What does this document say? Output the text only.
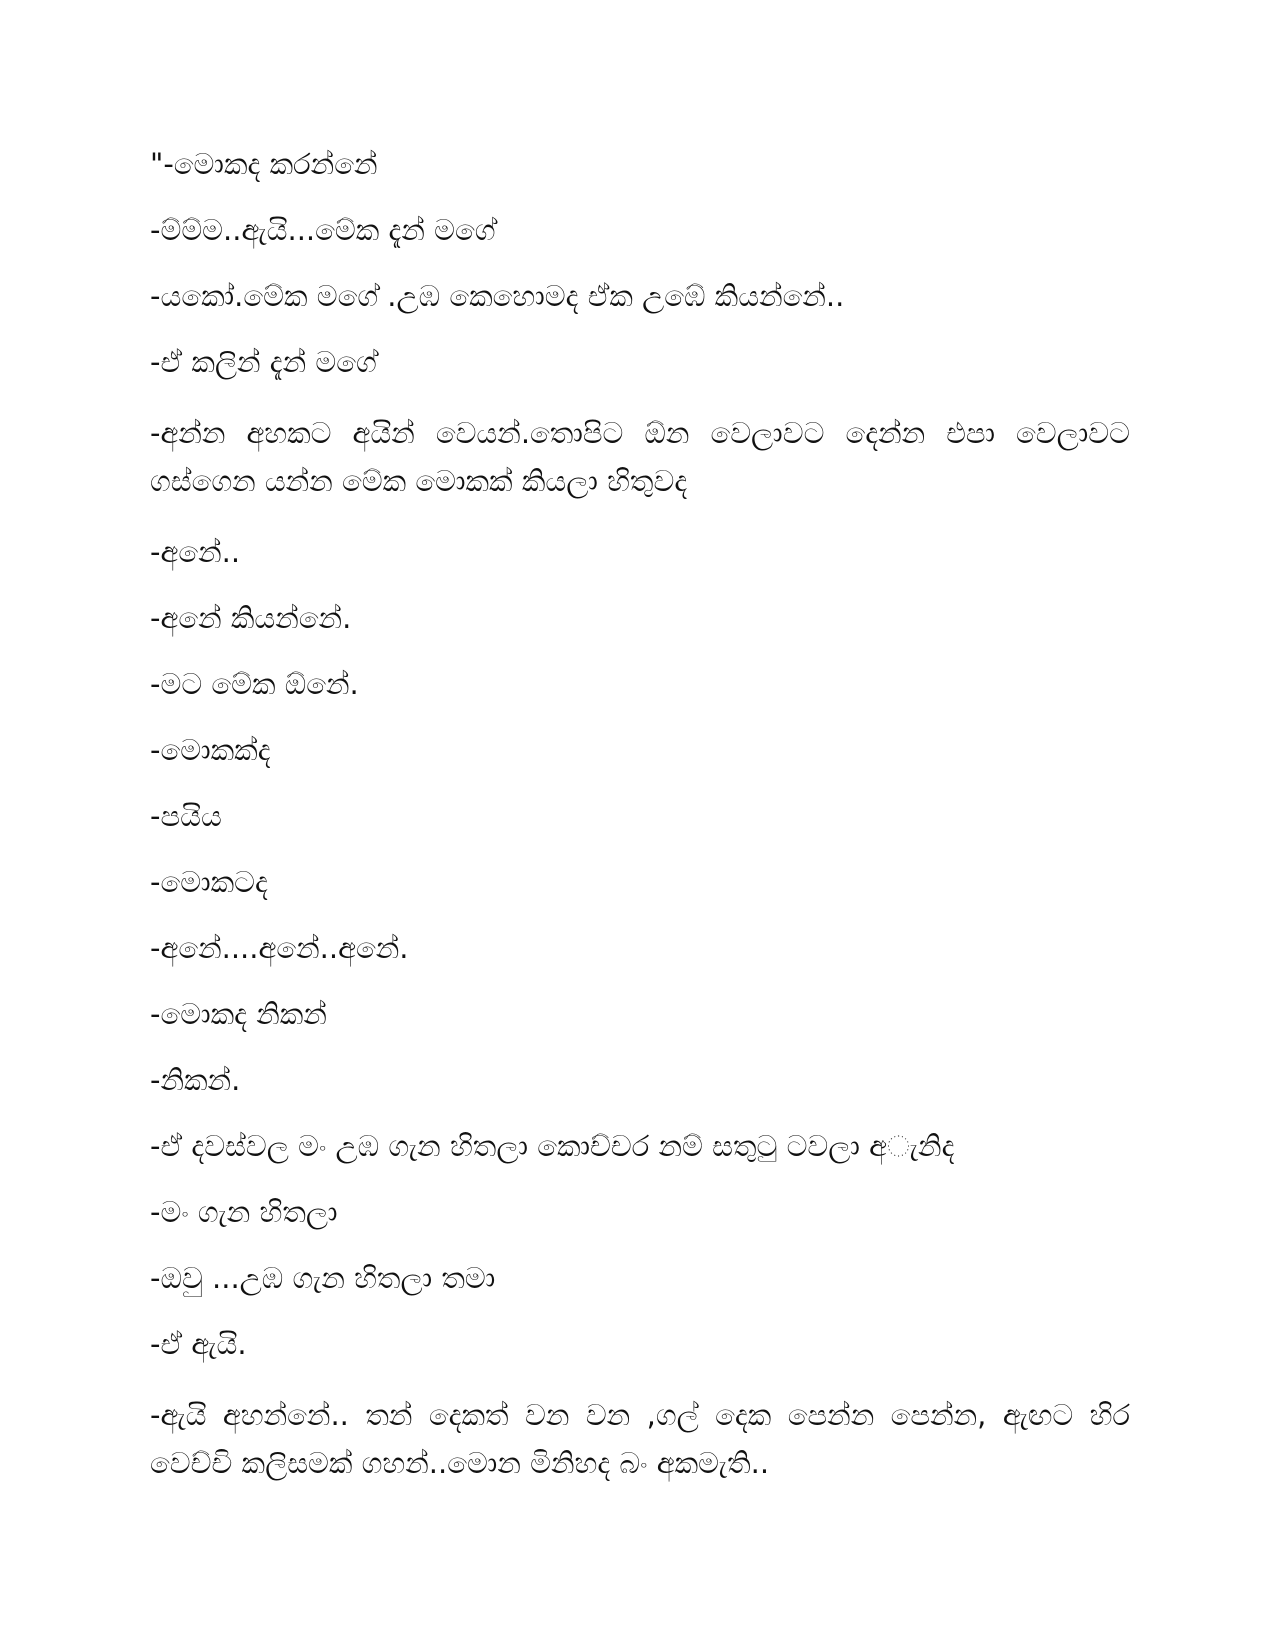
"-මොකද කරන්නේ

-ම්ම්ම..ඇයි...මේක දැන් මගේ

-යකෝ.මේක මගේ .උඹ කෙහොමද ඒක උඹේ කියන්නේ..

-ඒ කලින් දැන් මගේ

-අන්න අහකට අයින් වෙයන්.තොපිට ඕන වෙලාවට දෙන්න එපා වෙලාවට ගස්ගෙන යන්න මේක මොකක් කියලා හිතුවද

-අනේ..

-අනේ කියන්නේ.

-මට මේක ඕනේ.

-මොකක්ද

-පයිය

-මොකටද

-අනේ....අනේ..අනේ.

-මොකද නිකන්

-නිකන්.

-ඒ දවස්වල මං උඹ ගැන හිතලා කොච්චර නම් සතුටු ටවලා අැනිද

-මං ගැන හිතලා

-ඔවු ...උඹ ගැන හිතලා තමා

-ඒ ඇයි.

-ඇයි අහන්නේ.. තන් දෙකත් වන වන ,ගල් දෙක පෙන්න පෙන්න, ඇඟට හිර වෙච්චි කලිසමක් ගහන්..මොන මිනිහද බං අකමැති..
